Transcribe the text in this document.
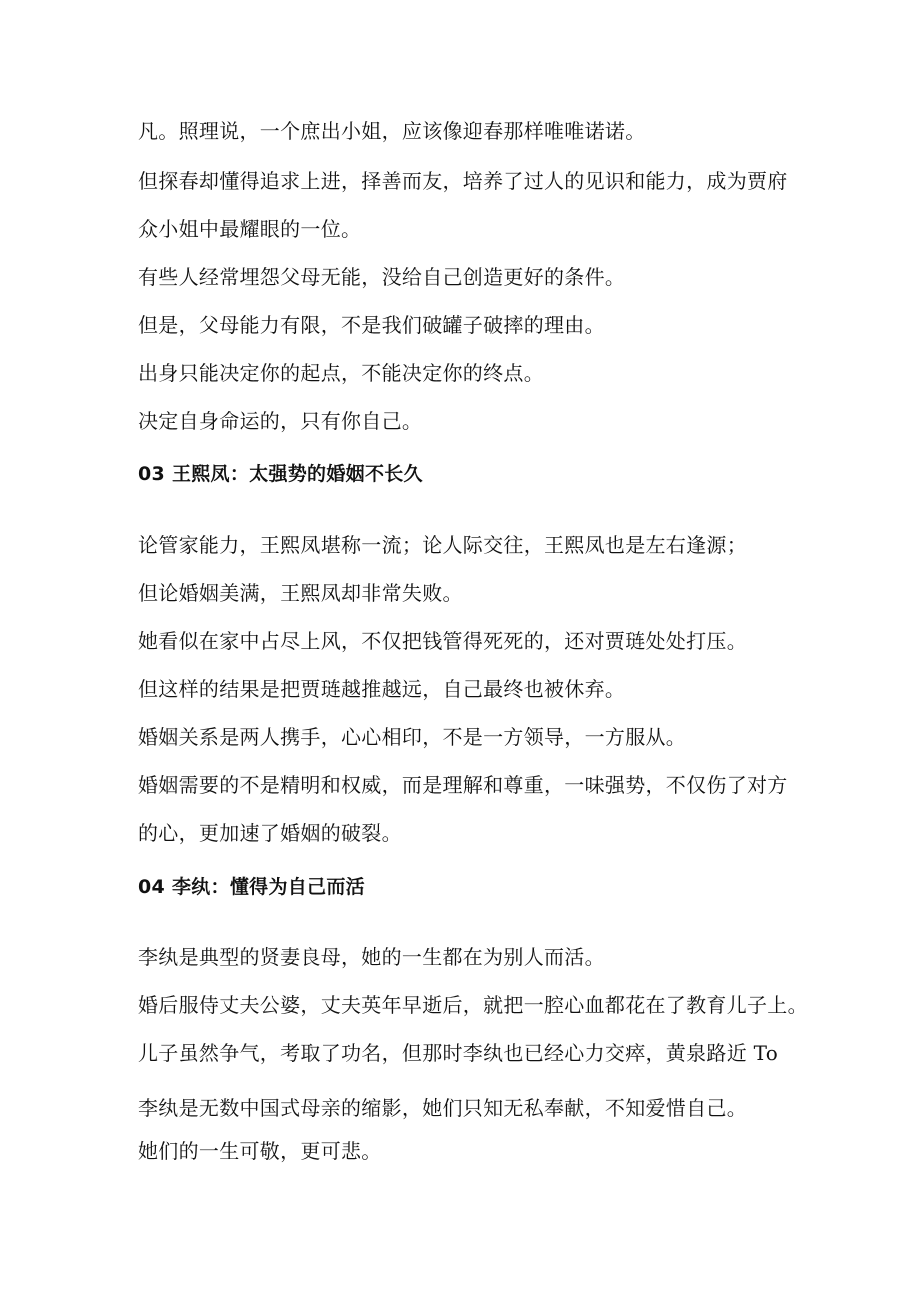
凡。照理说，一个庶出小姐，应该像迎春那样唯唯诺诺。
但探春却懂得追求上进，择善而友，培养了过人的见识和能力，成为贾府
众小姐中最耀眼的一位。
有些人经常埋怨父母无能，没给自己创造更好的条件。
但是，父母能力有限，不是我们破罐子破摔的理由。
出身只能决定你的起点，不能决定你的终点。
决定自身命运的，只有你自己。
03 王熙凤：太强势的婚姻不长久
论管家能力，王熙凤堪称一流；论人际交往，王熙凤也是左右逢源；
但论婚姻美满，王熙凤却非常失败。
她看似在家中占尽上风，不仅把钱管得死死的，还对贾琏处处打压。
但这样的结果是把贾琏越推越远，自己最终也被休弃。
婚姻关系是两人携手，心心相印，不是一方领导，一方服从。
婚姻需要的不是精明和权威，而是理解和尊重，一味强势，不仅伤了对方
的心，更加速了婚姻的破裂。
04 李纨：懂得为自己而活
李纨是典型的贤妻良母，她的一生都在为别人而活。
婚后服侍丈夫公婆，丈夫英年早逝后，就把一腔心血都花在了教育儿子上。
儿子虽然争气，考取了功名，但那时李纨也已经心力交瘁，黄泉路近 To
李纨是无数中国式母亲的缩影，她们只知无私奉献，不知爱惜自己。
她们的一生可敬，更可悲。
